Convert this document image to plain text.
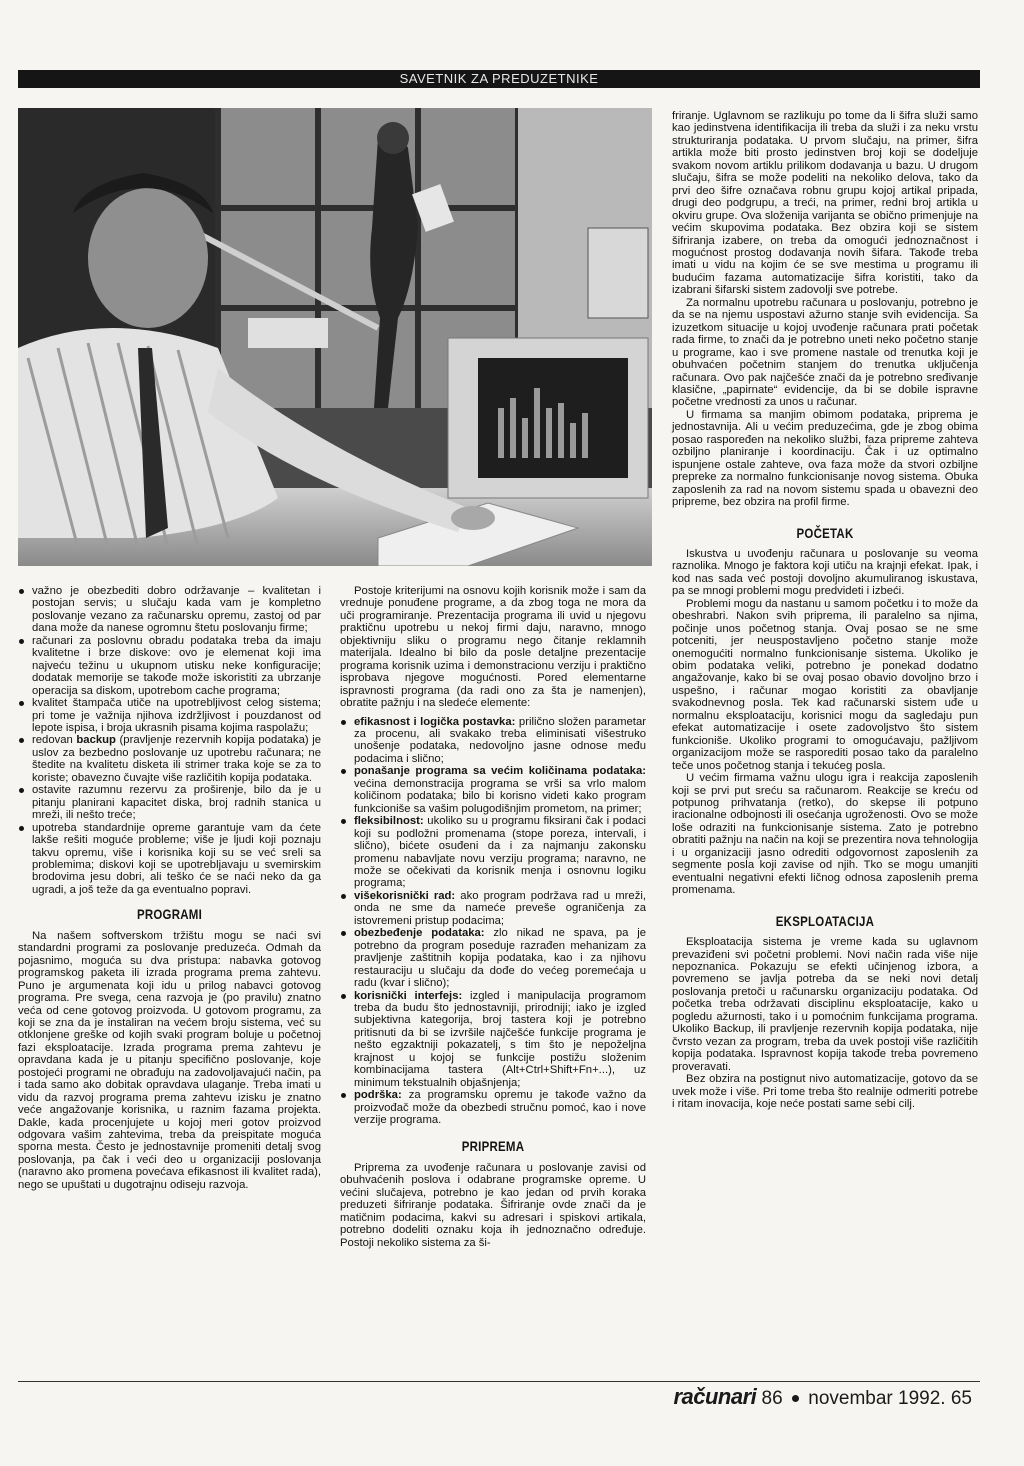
SAVETNIK ZA PREDUZETNIKE
važno je obezbediti dobro održavanje – kvalitetan i postojan servis; u slučaju kada vam je kompletno poslovanje vezano za računarsku opremu, zastoj od par dana može da nanese ogromnu štetu poslovanju firme;
računari za poslovnu obradu podataka treba da imaju kvalitetne i brze diskove: ovo je elemenat koji ima najveću težinu u ukupnom utisku neke konfiguracije; dodatak memorije se takođe može iskoristiti za ubrzanje operacija sa diskom, upotrebom cache programa;
kvalitet štampača utiče na upotrebljivost celog sistema; pri tome je važnija njihova izdržljivost i pouzdanost od lepote ispisa, i broja ukrasnih pisama kojima raspolažu;
redovan backup (pravljenje rezervnih kopija podataka) je uslov za bezbedno poslovanje uz upotrebu računara; ne štedite na kvalitetu disketa ili strimer traka koje se za to koriste; obavezno čuvajte više različitih kopija podataka.
ostavite razumnu rezervu za proširenje, bilo da je u pitanju planirani kapacitet diska, broj radnih stanica u mreži, ili nešto treće;
upotreba standardnije opreme garantuje vam da ćete lakše rešiti moguće probleme; više je ljudi koji poznaju takvu opremu, više i korisnika koji su se već sreli sa problemima; diskovi koji se upotrebljavaju u svemirskim brodovima jesu dobri, ali teško će se naći neko da ga ugradi, a još teže da ga eventualno popravi.
PROGRAMI

Na našem softverskom tržištu mogu se naći svi standardni programi za poslovanje preduzeća. Odmah da pojasnimo, moguća su dva pristupa: nabavka gotovog programskog paketa ili izrada programa prema zahtevu. Puno je argumenata koji idu u prilog nabavci gotovog programa. Pre svega, cena razvoja je (po pravilu) znatno veća od cene gotovog proizvoda. U gotovom programu, za koji se zna da je instaliran na većem broju sistema, već su otklonjene greške od kojih svaki program boluje u početnoj fazi eksploatacije. Izrada programa prema zahtevu je opravdana kada je u pitanju specifično poslovanje, koje postojeći programi ne obrađuju na zadovoljavajući način, pa i tada samo ako dobitak opravdava ulaganje. Treba imati u vidu da razvoj programa prema zahtevu izisku je znatno veće angažovanje korisnika, u raznim fazama projekta. Dakle, kada procenjujete u kojoj meri gotov proizvod odgovara vašim zahtevima, treba da preispitate moguća sporna mesta. Često je jednostavnije promeniti detalj svog poslovanja, pa čak i veći deo u organizaciji poslovanja (naravno ako promena povećava efikasnost ili kvalitet rada), nego se upuštati u dugotrajnu odiseju razvoja.

Postoje kriterijumi na osnovu kojih korisnik može i sam da vrednuje ponuđene programe, a da zbog toga ne mora da uči programiranje. Prezentacija programa ili uvid u njegovu praktičnu upotrebu u nekoj firmi daju, naravno, mnogo objektivniju sliku o programu nego čitanje reklamnih materijala. Idealno bi bilo da posle detaljne prezentacije programa korisnik uzima i demonstracionu verziju i praktično isprobava njegove mogućnosti. Pored elementarne ispravnosti programa (da radi ono za šta je namenjen), obratite pažnju i na sledeće elemente:

efikasnost i logička postavka: prilično složen parametar za procenu, ali svakako treba eliminisati višestruko unošenje podataka, nedovoljno jasne odnose među podacima i slično;
ponašanje programa sa većim količinama podataka: većina demonstracija programa se vrši sa vrlo malom količinom podataka; bilo bi korisno videti kako program funkcioniše sa vašim polugodišnjim prometom, na primer;
fleksibilnost: ukoliko su u programu fiksirani čak i podaci koji su podložni promenama (stope poreza, intervali, i slično), bićete osuđeni da i za najmanju zakonsku promenu nabavljate novu verziju programa; naravno, ne može se očekivati da korisnik menja i osnovnu logiku programa;
višekorisnički rad: ako program podržava rad u mreži, onda ne sme da nameće preveše ograničenja za istovremeni pristup podacima;
obezbeđenje podataka: zlo nikad ne spava, pa je potrebno da program poseduje razrađen mehanizam za pravljenje zaštitnih kopija podataka, kao i za njihovu restauraciju u slučaju da dođe do većeg poremećaja u radu (kvar i slično);
korisnički interfejs: izgled i manipulacija programom treba da budu što jednostavniji, prirodniji; iako je izgled subjektivna kategorija, broj tastera koji je potrebno pritisnuti da bi se izvršile najčešće funkcije programa je nešto egzaktniji pokazatelj, s tim što je nepoželjna krajnost u kojoj se funkcije postižu složenim kombinacijama tastera (Alt+Ctrl+Shift+Fn+...), uz minimum tekstualnih objašnjenja;
podrška: za programsku opremu je takođe važno da proizvođač može da obezbedi stručnu pomoć, kao i nove verzije programa.
PRIPREMA

Priprema za uvođenje računara u poslovanje zavisi od obuhvaćenih poslova i odabrane programske opreme. U većini slučajeva, potrebno je kao jedan od prvih koraka preduzeti šifriranje podataka. Šifriranje ovde znači da je matičnim podacima, kakvi su adresari i spiskovi artikala, potrebno dodeliti oznaku koja ih jednoznačno određuje. Postoji nekoliko sistema za ši-

friranje. Uglavnom se razlikuju po tome da li šifra služi samo kao jedinstvena identifikacija ili treba da služi i za neku vrstu strukturiranja podataka. U prvom slučaju, na primer, šifra artikla može biti prosto jedinstven broj koji se dodeljuje svakom novom artiklu prilikom dodavanja u bazu. U drugom slučaju, šifra se može podeliti na nekoliko delova, tako da prvi deo šifre označava robnu grupu kojoj artikal pripada, drugi deo podgrupu, a treći, na primer, redni broj artikla u okviru grupe. Ova složenija varijanta se obično primenjuje na većim skupovima podataka. Bez obzira koji se sistem šifriranja izabere, on treba da omogući jednoznačnost i mogućnost prostog dodavanja novih šifara. Takođe treba imati u vidu na kojim će se sve mestima u programu ili budućim fazama automatizacije šifra koristiti, tako da izabrani šifarski sistem zadovolji sve potrebe.

Za normalnu upotrebu računara u poslovanju, potrebno je da se na njemu uspostavi ažurno stanje svih evidencija. Sa izuzetkom situacije u kojoj uvođenje računara prati početak rada firme, to znači da je potrebno uneti neko početno stanje u programe, kao i sve promene nastale od trenutka koji je obuhvaćen početnim stanjem do trenutka uključenja računara. Ovo pak najčešće znači da je potrebno sređivanje klasične, „papirnate“ evidencije, da bi se dobile ispravne početne vrednosti za unos u računar.

U firmama sa manjim obimom podataka, priprema je jednostavnija. Ali u većim preduzećima, gde je zbog obima posao raspoređen na nekoliko službi, faza pripreme zahteva ozbiljno planiranje i koordinaciju. Čak i uz optimalno ispunjene ostale zahteve, ova faza može da stvori ozbiljne prepreke za normalno funkcionisanje novog sistema. Obuka zaposlenih za rad na novom sistemu spada u obavezni deo pripreme, bez obzira na profil firme.

POČETAK

Iskustva u uvođenju računara u poslovanje su veoma raznolika. Mnogo je faktora koji utiču na krajnji efekat. Ipak, i kod nas sada već postoji dovoljno akumuliranog iskustava, pa se mnogi problemi mogu predvideti i izbeći.

Problemi mogu da nastanu u samom početku i to može da obeshrabri. Nakon svih priprema, ili paralelno sa njima, počinje unos početnog stanja. Ovaj posao se ne sme potceniti, jer neuspostavljeno početno stanje može onemogućiti normalno funkcionisanje sistema. Ukoliko je obim podataka veliki, potrebno je ponekad dodatno angažovanje, kako bi se ovaj posao obavio dovoljno brzo i uspešno, i računar mogao koristiti za obavljanje svakodnevnog posla. Tek kad računarski sistem uđe u normalnu eksploataciju, korisnici mogu da sagledaju pun efekat automatizacije i osete zadovoljstvo što sistem funkcioniše. Ukoliko programi to omogućavaju, pažljivom organizacijom može se rasporediti posao tako da paralelno teče unos početnog stanja i tekućeg posla.

U većim firmama važnu ulogu igra i reakcija zaposlenih koji se prvi put sreću sa računarom. Reakcije se kreću od potpunog prihvatanja (retko), do skepse ili potpuno iracionalne odbojnosti ili osećanja ugroženosti. Ovo se može loše odraziti na funkcionisanje sistema. Zato je potrebno obratiti pažnju na način na koji se prezentira nova tehnologija i u organizaciji jasno odrediti odgovornost zaposlenih za segmente posla koji zavise od njih. Tko se mogu umanjiti eventualni negativni efekti ličnog odnosa zaposlenih prema promenama.

EKSPLOATACIJA

Eksploatacija sistema je vreme kada su uglavnom prevaziđeni svi početni problemi. Novi način rada više nije nepoznanica. Pokazuju se efekti učinjenog izbora, a povremeno se javlja potreba da se neki novi detalj poslovanja pretoči u računarsku organizaciju podataka. Od početka treba održavati disciplinu eksploatacije, kako u pogledu ažurnosti, tako i u pomoćnim funkcijama programa. Ukoliko Backup, ili pravljenje rezervnih kopija podataka, nije čvrsto vezan za program, treba da uvek postoji više različitih kopija podataka. Ispravnost kopija takođe treba povremeno proveravati.

Bez obzira na postignut nivo automatizacije, gotovo da se uvek može i više. Pri tome treba što realnije odmeriti potrebe i ritam inovacija, koje neće postati same sebi cilj.

računari 86 novembar 1992. 65
